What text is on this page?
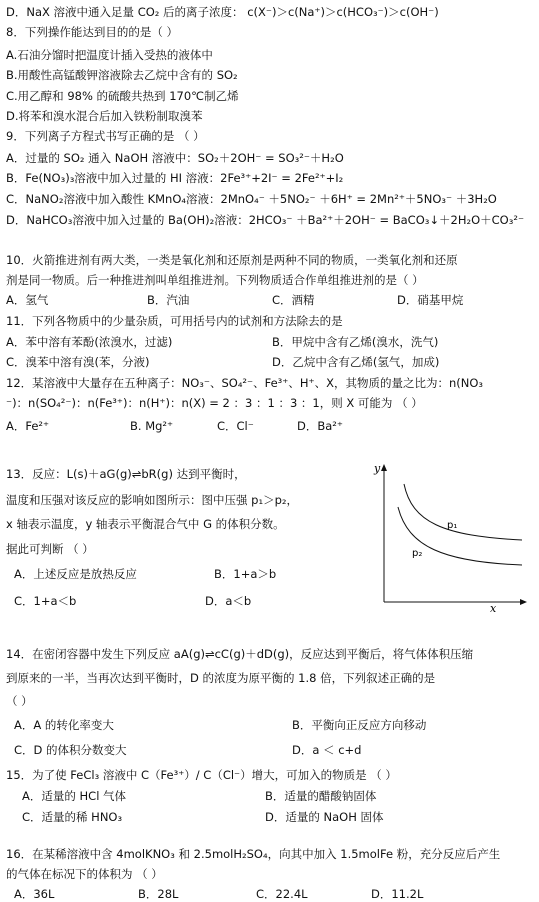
D．NaX 溶液中通入足量 CO₂ 后的离子浓度： c(X⁻)＞c(Na⁺)＞c(HCO₃⁻)＞c(OH⁻)
8．下列操作能达到目的的是（ ）
A.石油分馏时把温度计插入受热的液体中
B.用酸性高锰酸钾溶液除去乙烷中含有的 SO₂
C.用乙醇和 98% 的硫酸共热到 170℃制乙烯
D.将苯和溴水混合后加入铁粉制取溴苯
9．下列离子方程式书写正确的是 （ ）
A．过量的 SO₂ 通入 NaOH 溶液中：SO₂＋2OH⁻ = SO₃²⁻＋H₂O
B．Fe(NO₃)₃溶液中加入过量的 HI 溶液：2Fe³⁺+2I⁻ = 2Fe²⁺+I₂
C．NaNO₂溶液中加入酸性 KMnO₄溶液：2MnO₄⁻ ＋5NO₂⁻ ＋6H⁺ = 2Mn²⁺＋5NO₃⁻ ＋3H₂O
D．NaHCO₃溶液中加入过量的 Ba(OH)₂溶液：2HCO₃⁻ ＋Ba²⁺＋2OH⁻ = BaCO₃↓＋2H₂O＋CO₃²⁻
10．火箭推进剂有两大类，一类是氧化剂和还原剂是两种不同的物质，一类氧化剂和还原
剂是同一物质。后一种推进剂叫单组推进剂。下列物质适合作单组推进剂的是（ ）
11．下列各物质中的少量杂质，可用括号内的试剂和方法除去的是
12．某溶液中大量存在五种离子：NO₃⁻、SO₄²⁻、Fe³⁺、H⁺、X，其物质的量之比为：n(NO₃
⁻)：n(SO₄²⁻)：n(Fe³⁺)：n(H⁺)：n(X) = 2 ：3 ：1 ：3 ：1，则 X 可能为 （ ）
13．反应：L(s)＋aG(g)⇌bR(g) 达到平衡时，
温度和压强对该反应的影响如图所示：图中压强 p₁＞p₂，
x 轴表示温度，y 轴表示平衡混合气中 G 的体积分数。
据此可判断 （ ）
14．在密闭容器中发生下列反应 aA(g)⇌cC(g)＋dD(g)，反应达到平衡后，将气体体积压缩
到原来的一半，当再次达到平衡时，D 的浓度为原平衡的 1.8 倍，下列叙述正确的是
（ ）
15．为了使 FeCl₃ 溶液中 C（Fe³⁺）/ C（Cl⁻）增大，可加入的物质是 （ ）
16．在某稀溶液中含 4molKNO₃ 和 2.5molH₂SO₄，向其中加入 1.5molFe 粉，充分反应后产生
的气体在标况下的体积为 （ ）
A．氢气	B．汽油	C．酒精	D．硝基甲烷
A．苯中溶有苯酚(浓溴水，过滤)	B．甲烷中含有乙烯(溴水，洗气)
C．溴苯中溶有溴(苯，分液)	D．乙烷中含有乙烯(氢气，加成)
A．Fe²⁺	B. Mg²⁺	C．Cl⁻	D．Ba²⁺
A．上述反应是放热反应	B．1+a＞b
C．1+a＜b	D．a＜b
A．A 的转化率变大	B．平衡向正反应方向移动
C．D 的体积分数变大	D．a ＜ c+d
A．适量的 HCl 气体	B．适量的醋酸钠固体
C．适量的稀 HNO₃	D．适量的 NaOH 固体
A．36L	B．28L	C．22.4L	D．11.2L
y
x
p₁
p₂
